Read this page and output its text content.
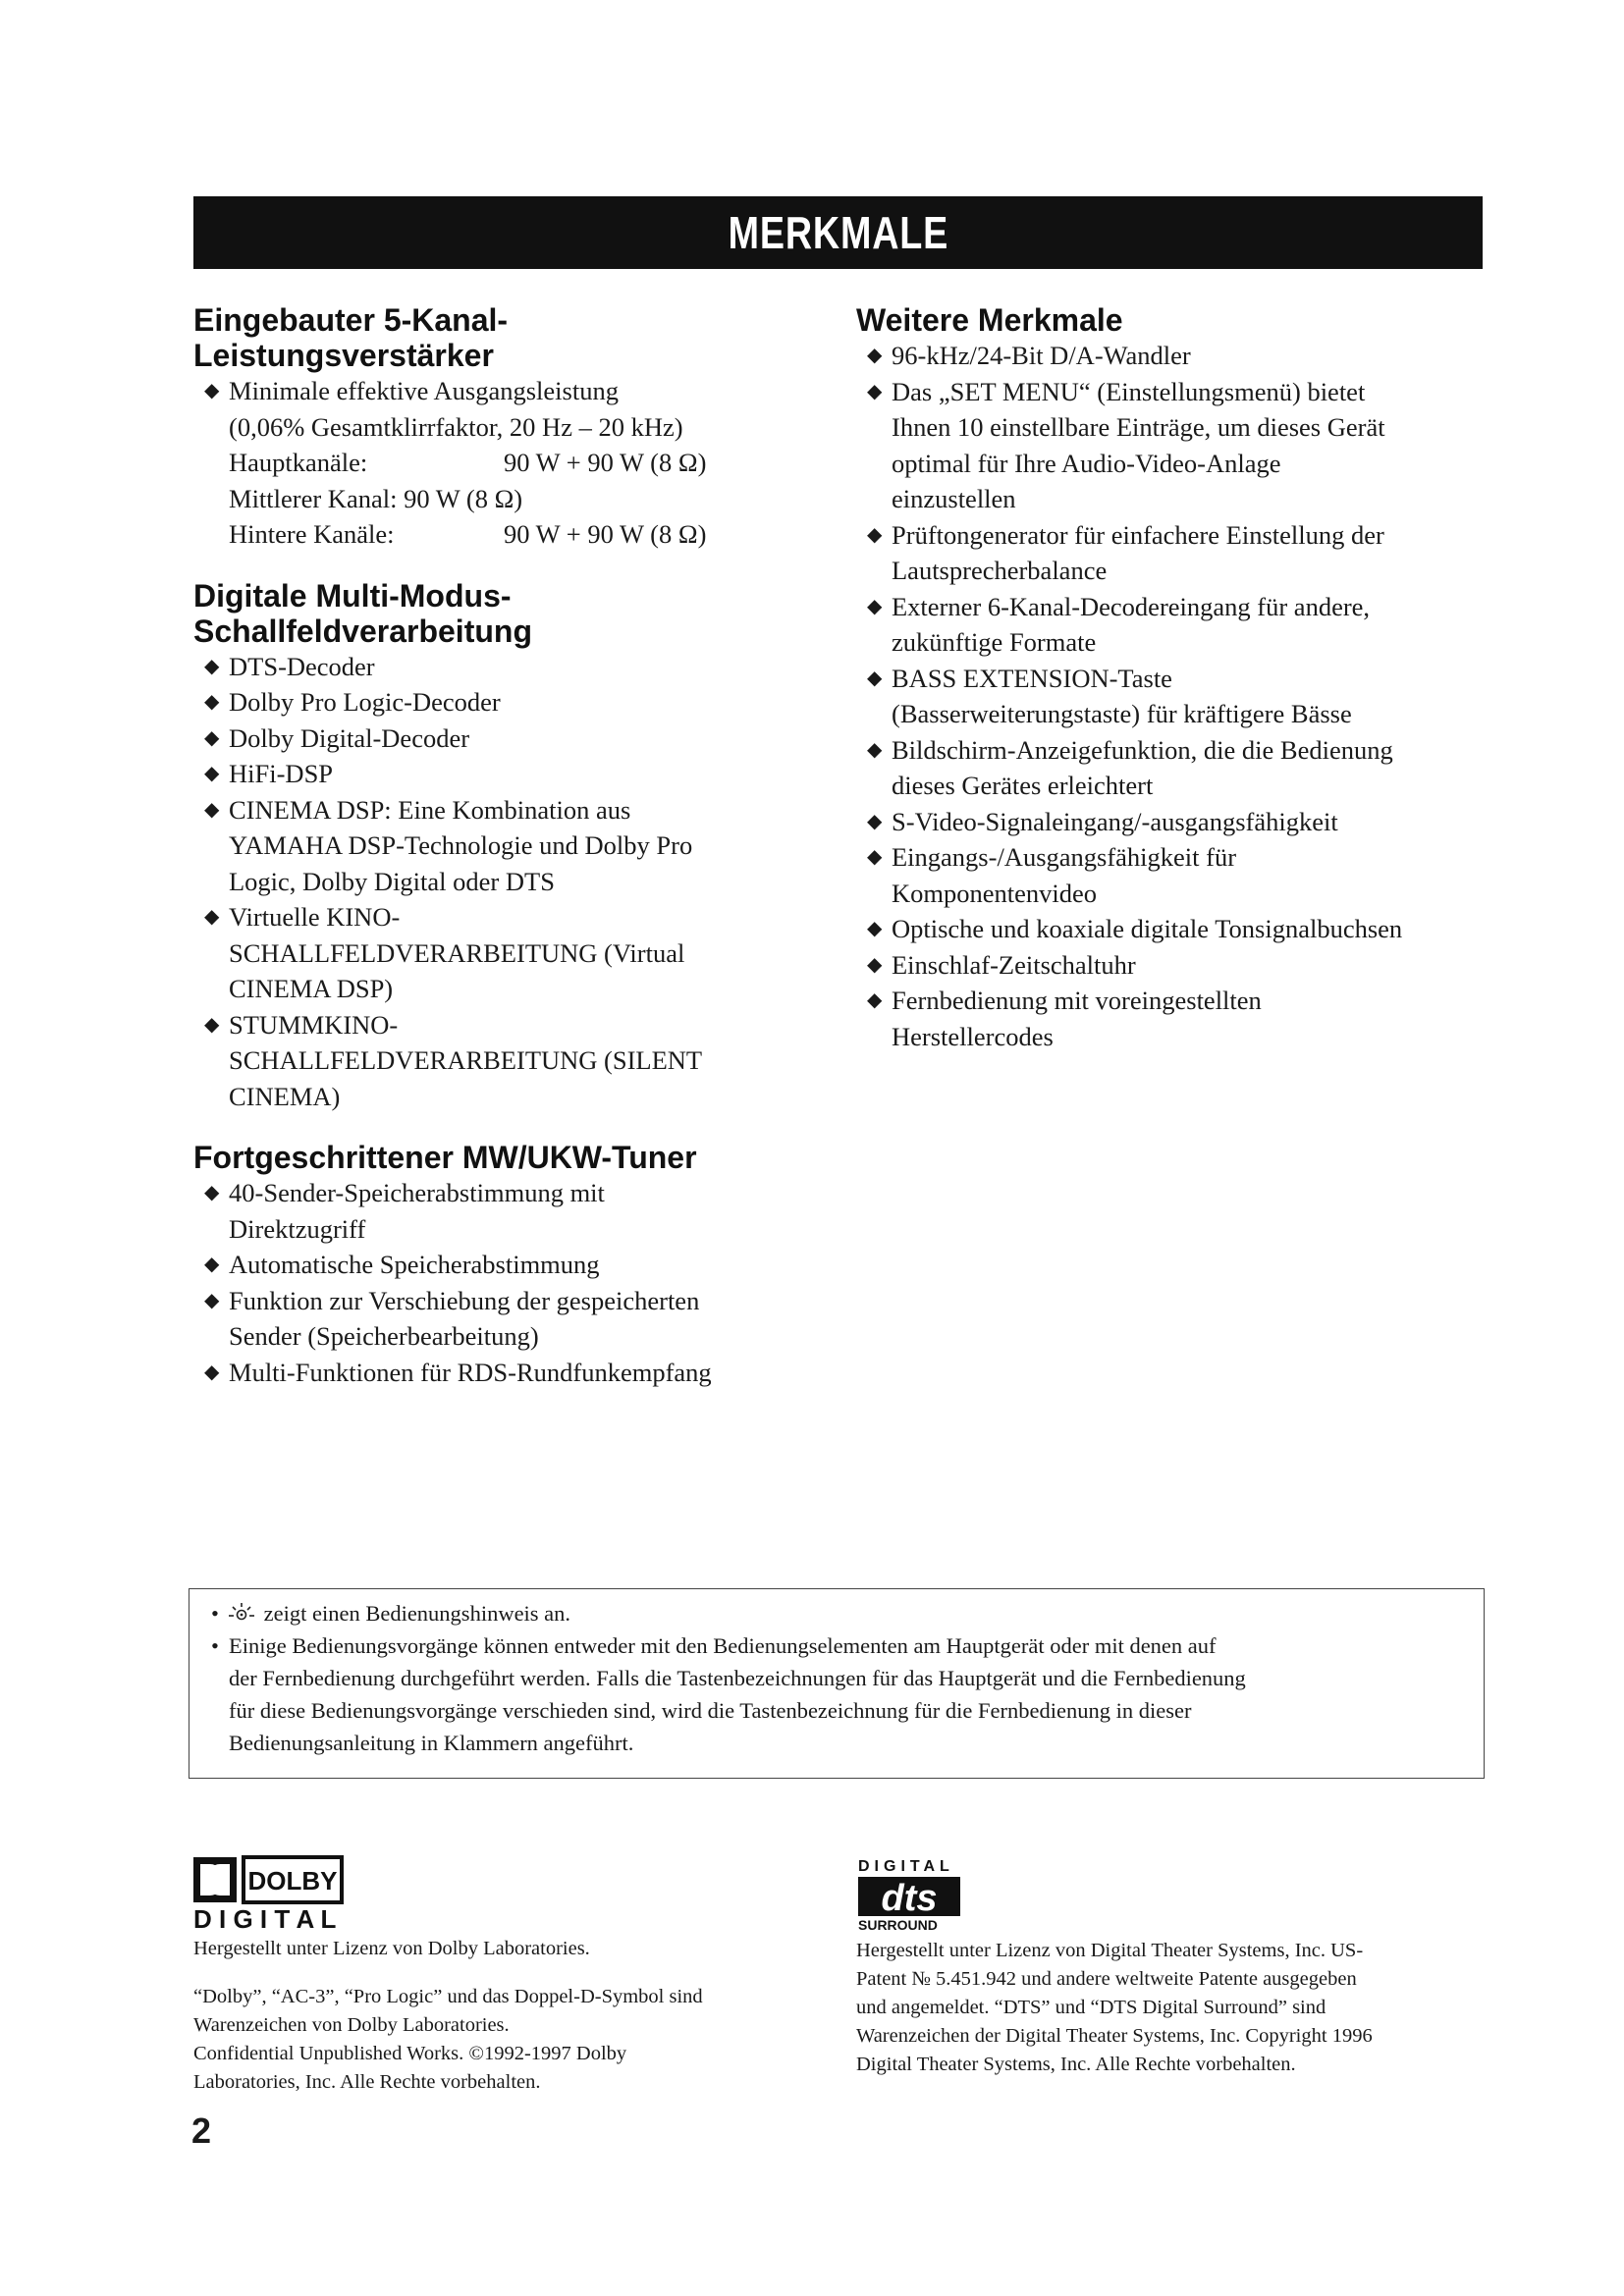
MERKMALE
Eingebauter 5-Kanal-
Leistungsverstärker
◆ Minimale effektive Ausgangsleistung
(0,06% Gesamtklirrfaktor, 20 Hz – 20 kHz)
Hauptkanäle:	90 W + 90 W (8 Ω)
Mittlerer Kanal: 90 W (8 Ω)
Hintere Kanäle:	90 W + 90 W (8 Ω)
Digitale Multi-Modus-
Schallfeldverarbeitung
◆ DTS-Decoder
◆ Dolby Pro Logic-Decoder
◆ Dolby Digital-Decoder
◆ HiFi-DSP
◆ CINEMA DSP: Eine Kombination aus
YAMAHA DSP-Technologie und Dolby Pro
Logic, Dolby Digital oder DTS
◆ Virtuelle KINO-
SCHALLFELDVERARBEITUNG (Virtual
CINEMA DSP)
◆ STUMMKINO-
SCHALLFELDVERARBEITUNG (SILENT
CINEMA)
Fortgeschrittener MW/UKW-Tuner
◆ 40-Sender-Speicherabstimmung mit
Direktzugriff
◆ Automatische Speicherabstimmung
◆ Funktion zur Verschiebung der gespeicherten
Sender (Speicherbearbeitung)
◆ Multi-Funktionen für RDS-Rundfunkempfang
Weitere Merkmale
◆ 96-kHz/24-Bit D/A-Wandler
◆ Das „SET MENU“ (Einstellungsmenü) bietet
Ihnen 10 einstellbare Einträge, um dieses Gerät
optimal für Ihre Audio-Video-Anlage
einzustellen
◆ Prüftongenerator für einfachere Einstellung der
Lautsprecherbalance
◆ Externer 6-Kanal-Decodereingang für andere,
zukünftige Formate
◆ BASS EXTENSION-Taste
(Basserweiterungstaste) für kräftigere Bässe
◆ Bildschirm-Anzeigefunktion, die die Bedienung
dieses Gerätes erleichtert
◆ S-Video-Signaleingang/-ausgangsfähigkeit
◆ Eingangs-/Ausgangsfähigkeit für
Komponentenvideo
◆ Optische und koaxiale digitale Tonsignalbuchsen
◆ Einschlaf-Zeitschaltuhr
◆ Fernbedienung mit voreingestellten
Herstellercodes
• zeigt einen Bedienungshinweis an.
• Einige Bedienungsvorgänge können entweder mit den Bedienungselementen am Hauptgerät oder mit denen auf
der Fernbedienung durchgeführt werden. Falls die Tastenbezeichnungen für das Hauptgerät und die Fernbedienung
für diese Bedienungsvorgänge verschieden sind, wird die Tastenbezeichnung für die Fernbedienung in dieser
Bedienungsanleitung in Klammern angeführt.
DOLBY
D I G I T A L

Hergestellt unter Lizenz von Dolby Laboratories.

“Dolby”, “AC-3”, “Pro Logic” und das Doppel-D-Symbol sind

Warenzeichen von Dolby Laboratories.

Confidential Unpublished Works. ©1992-1997 Dolby

Laboratories, Inc. Alle Rechte vorbehalten.

DIGITAL
dts
SURROUND

Hergestellt unter Lizenz von Digital Theater Systems, Inc. US-

Patent № 5.451.942 und andere weltweite Patente ausgegeben

und angemeldet. “DTS” und “DTS Digital Surround” sind

Warenzeichen der Digital Theater Systems, Inc. Copyright 1996

Digital Theater Systems, Inc. Alle Rechte vorbehalten.

2
